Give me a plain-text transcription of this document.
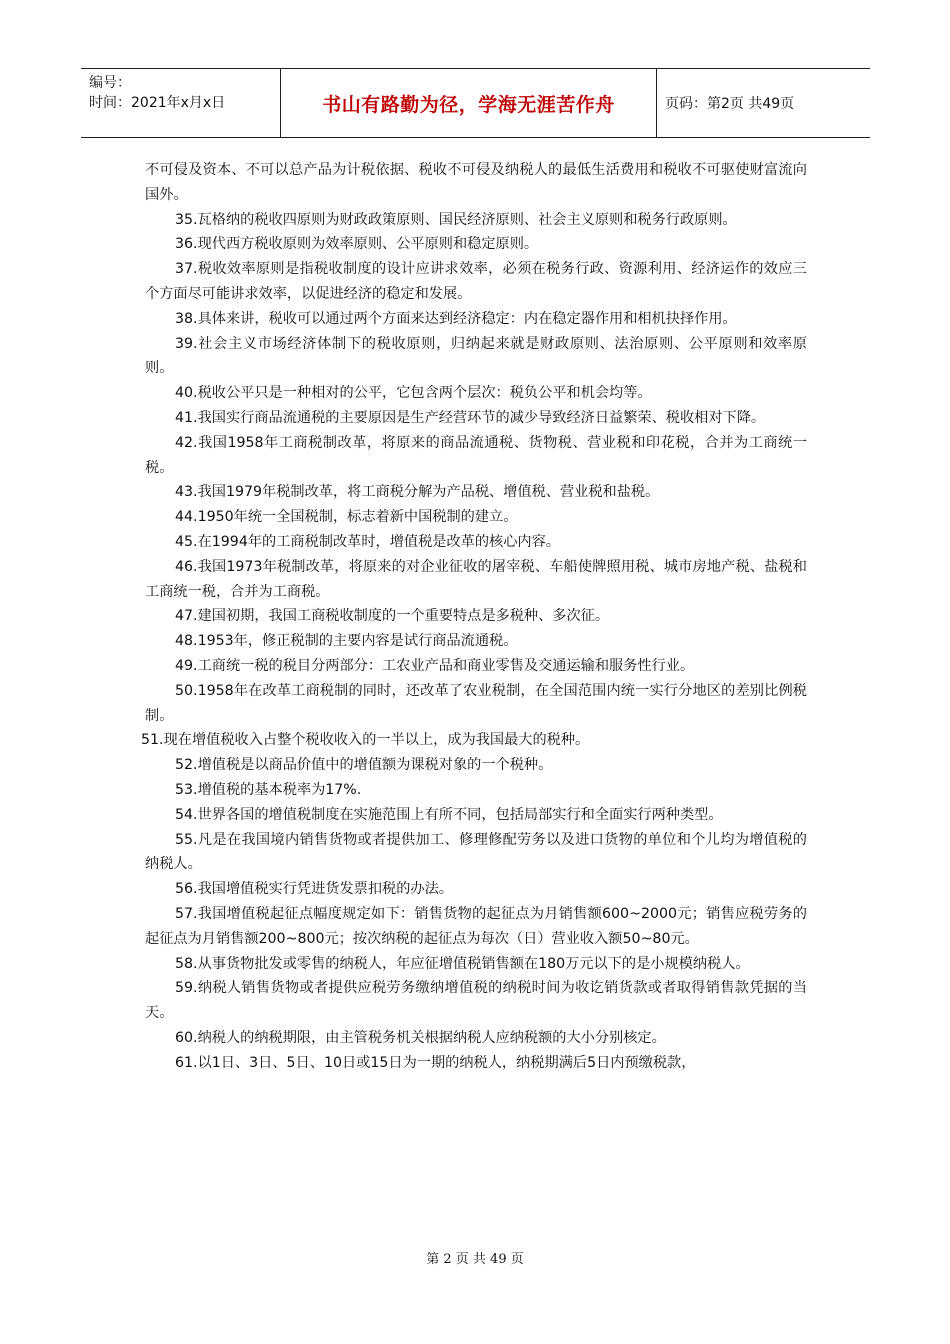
编号：
时间：2021年x月x日	书山有路勤为径，学海无涯苦作舟	页码：第2页 共49页

不可侵及资本、不可以总产品为计税依据、税收不可侵及纳税人的最低生活费用和税收不可驱使财富流向国外。

35.瓦格纳的税收四原则为财政政策原则、国民经济原则、社会主义原则和税务行政原则。

36.现代西方税收原则为效率原则、公平原则和稳定原则。

37.税收效率原则是指税收制度的设计应讲求效率，必须在税务行政、资源利用、经济运作的效应三个方面尽可能讲求效率，以促进经济的稳定和发展。

38.具体来讲，税收可以通过两个方面来达到经济稳定：内在稳定器作用和相机抉择作用。

39.社会主义市场经济体制下的税收原则，归纳起来就是财政原则、法治原则、公平原则和效率原则。

40.税收公平只是一种相对的公平，它包含两个层次：税负公平和机会均等。

41.我国实行商品流通税的主要原因是生产经营环节的减少导致经济日益繁荣、税收相对下降。

42.我国1958年工商税制改革，将原来的商品流通税、货物税、营业税和印花税，合并为工商统一税。

43.我国1979年税制改革，将工商税分解为产品税、增值税、营业税和盐税。

44.1950年统一全国税制，标志着新中国税制的建立。

45.在1994年的工商税制改革时，增值税是改革的核心内容。

46.我国1973年税制改革，将原来的对企业征收的屠宰税、车船使牌照用税、城市房地产税、盐税和工商统一税，合并为工商税。

47.建国初期，我国工商税收制度的一个重要特点是多税种、多次征。

48.1953年，修正税制的主要内容是试行商品流通税。

49.工商统一税的税目分两部分：工农业产品和商业零售及交通运输和服务性行业。

50.1958年在改革工商税制的同时，还改革了农业税制，在全国范围内统一实行分地区的差别比例税制。

51.现在增值税收入占整个税收收入的一半以上，成为我国最大的税种。

52.增值税是以商品价值中的增值额为课税对象的一个税种。

53.增值税的基本税率为17%.

54.世界各国的增值税制度在实施范围上有所不同，包括局部实行和全面实行两种类型。

55.凡是在我国境内销售货物或者提供加工、修理修配劳务以及进口货物的单位和个儿均为增值税的纳税人。

56.我国增值税实行凭进货发票扣税的办法。

57.我国增值税起征点幅度规定如下：销售货物的起征点为月销售额600~2000元；销售应税劳务的起征点为月销售额200~800元；按次纳税的起征点为每次（日）营业收入额50~80元。

58.从事货物批发或零售的纳税人，年应征增值税销售额在180万元以下的是小规模纳税人。

59.纳税人销售货物或者提供应税劳务缴纳增值税的纳税时间为收讫销货款或者取得销售款凭据的当天。

60.纳税人的纳税期限，由主管税务机关根据纳税人应纳税额的大小分别核定。

61.以1日、3日、5日、10日或15日为一期的纳税人，纳税期满后5日内预缴税款，

第 2 页 共 49 页
